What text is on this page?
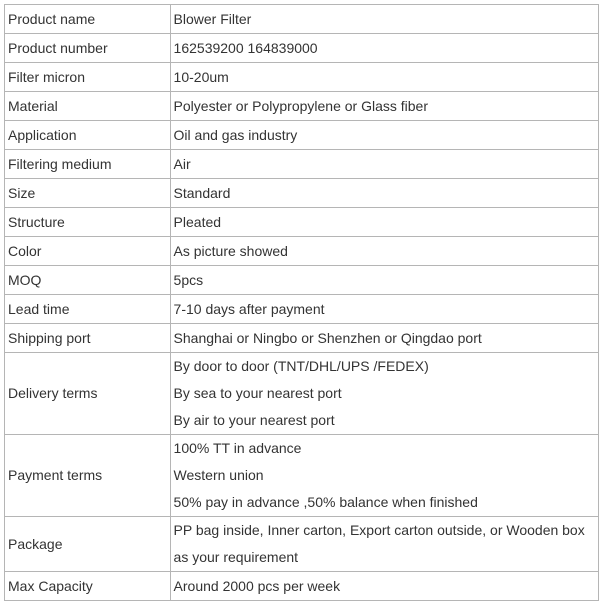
Product name	Blower Filter

Product number	162539200 164839000

Filter micron	10-20um

Material	Polyester or Polypropylene or Glass fiber

Application	Oil and gas industry

Filtering medium	Air

Size	Standard

Structure	Pleated

Color	As picture showed

MOQ	5pcs

Lead time	7-10 days after payment

Shipping port	Shanghai or Ningbo or Shenzhen or Qingdao port

Delivery terms	By door to door (TNT/DHL/UPS /FEDEX)
By sea to your nearest port
By air to your nearest port

Payment terms	100% TT in advance
Western union
50% pay in advance ,50% balance when finished

Package	PP bag inside, Inner carton, Export carton outside, or Wooden box
as your requirement

Max Capacity	Around 2000 pcs per week
